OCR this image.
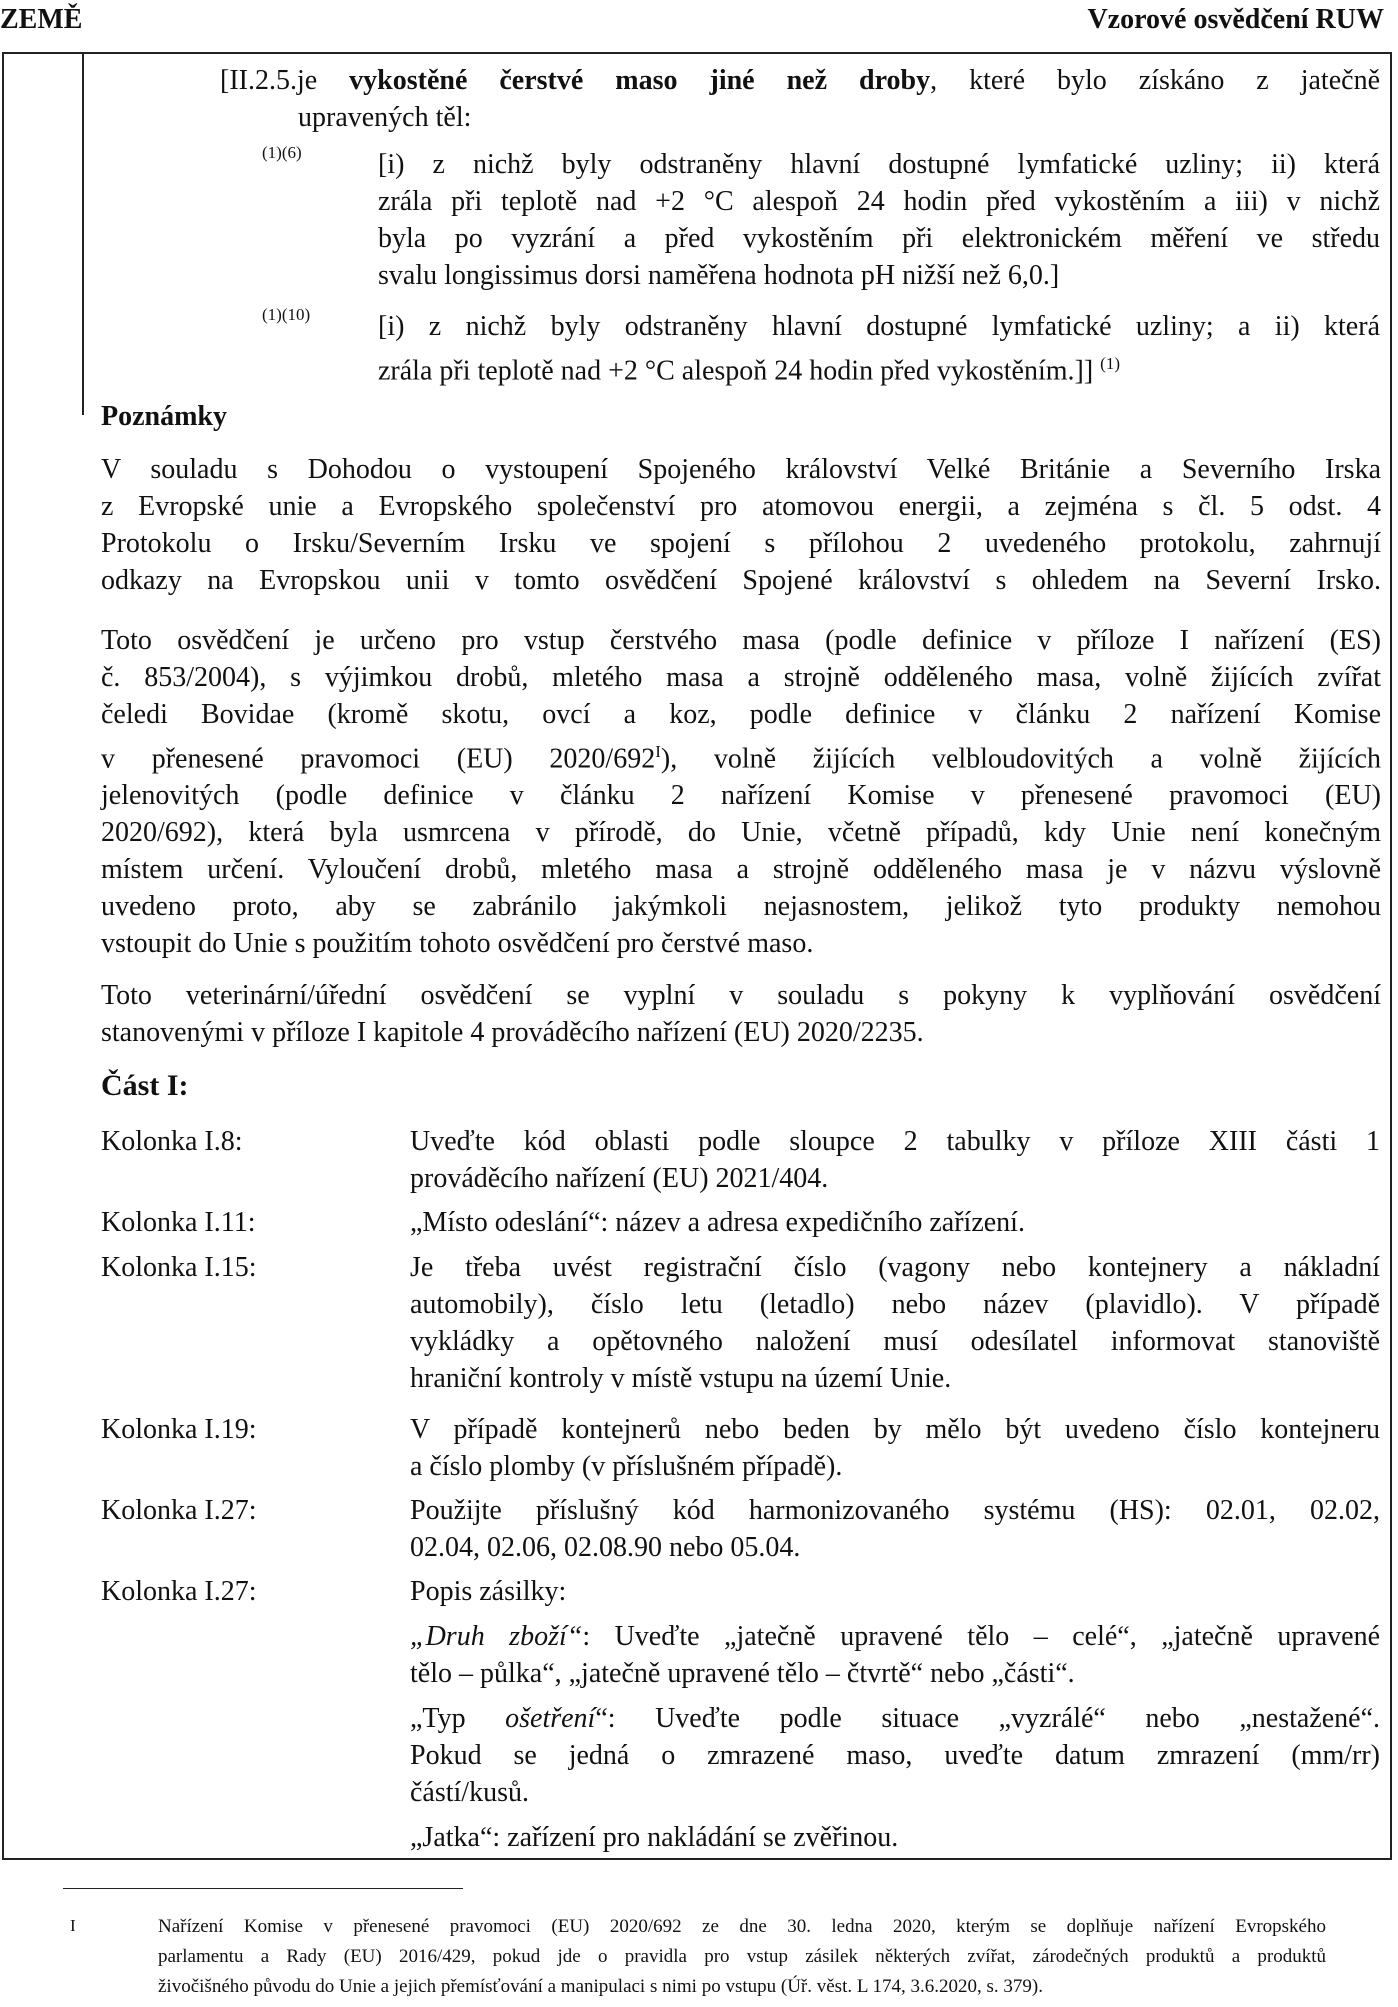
ZEMĚ	Vzorové osvědčení RUW
[II.2.5.je vykostěné čerstvé maso jiné než droby, které bylo získáno z jatečně
upravených těl:
(1)(6)	[i) z nichž byly odstraněny hlavní dostupné lymfatické uzliny; ii) která
zrála při teplotě nad +2 °C alespoň 24 hodin před vykostěním a iii) v nichž
byla po vyzrání a před vykostěním při elektronickém měření ve středu
svalu longissimus dorsi naměřena hodnota pH nižší než 6,0.]
(1)(10) [i) z nichž byly odstraněny hlavní dostupné lymfatické uzliny; a ii) která
zrála při teplotě nad +2 °C alespoň 24 hodin před vykostěním.]] $^{(1)}$
Poznámky
V souladu s Dohodou o vystoupení Spojeného království Velké Británie a Severního Irska
z Evropské unie a Evropského společenství pro atomovou energii, a zejména s čl. 5 odst. 4
Protokolu o Irsku/Severním Irsku ve spojení s přílohou 2 uvedeného protokolu, zahrnují
odkazy na Evropskou unii v tomto osvědčení Spojené království s ohledem na Severní Irsko.
Toto osvědčení je určeno pro vstup čerstvého masa (podle definice v příloze I nařízení (ES)
č. 853/2004), s výjimkou drobů, mletého masa a strojně odděleného masa, volně žijících zvířat
čeledi Bovidae (kromě skotu, ovcí a koz, podle definice v článku 2 nařízení Komise
v přenesené pravomoci (EU) $2020/692^I$), volně žijících velbloudovitých a volně žijících
jelenovitých (podle definice v článku 2 nařízení Komise v přenesené pravomoci (EU)
2020/692), která byla usmrcena v přírodě, do Unie, včetně případů, kdy Unie není konečným
místem určení. Vyloučení drobů, mletého masa a strojně odděleného masa je v názvu výslovně
uvedeno proto, aby se zabránilo jakýmkoli nejasnostem, jelikož tyto produkty nemohou
vstoupit do Unie s použitím tohoto osvědčení pro čerstvé maso.
Toto veterinární/úřední osvědčení se vyplní v souladu s pokyny k vyplňování osvědčení
stanovenými v příloze I kapitole 4 prováděcího nařízení (EU) 2020/2235.
Část I:
Kolonka I.8:	Uveďte kód oblasti podle sloupce 2 tabulky v příloze XIII části 1
prováděcího nařízení (EU) 2021/404.
Kolonka I.11:	„Místo odeslání“: název a adresa expedičního zařízení.
Kolonka I.15:	Je třeba uvést registrační číslo (vagony nebo kontejnery a nákladní
automobily), číslo letu (letadlo) nebo název (plavidlo). V případě
vykládky a opětovného naložení musí odesílatel informovat stanoviště
hraniční kontroly v místě vstupu na území Unie.
Kolonka I.19:	V případě kontejnerů nebo beden by mělo být uvedeno číslo kontejneru
a číslo plomby (v příslušném případě).
Kolonka I.27:	Použijte příslušný kód harmonizovaného systému (HS): 02.01, 02.02,
02.04, 02.06, 02.08.90 nebo 05.04.
Kolonka I.27:	Popis zásilky:
„Druh zboží“: Uveďte „jatečně upravené tělo – celé“, „jatečně upravené
tělo – půlka“, „jatečně upravené tělo – čtvrtě“ nebo „části“.
„Typ ošetření“: Uveďte podle situace „vyzrálé“ nebo „nestažené“.
Pokud se jedná o zmrazené maso, uveďte datum zmrazení (mm/rr)
částí/kusů.
„Jatka“: zařízení pro nakládání se zvěřinou.
I	Nařízení Komise v přenesené pravomoci (EU) 2020/692 ze dne 30. ledna 2020, kterým se doplňuje nařízení Evropského
parlamentu a Rady (EU) 2016/429, pokud jde o pravidla pro vstup zásilek některých zvířat, zárodečných produktů a produktů
živočišného původu do Unie a jejich přemísťování a manipulaci s nimi po vstupu (Úř. věst. L 174, 3.6.2020, s. 379).
